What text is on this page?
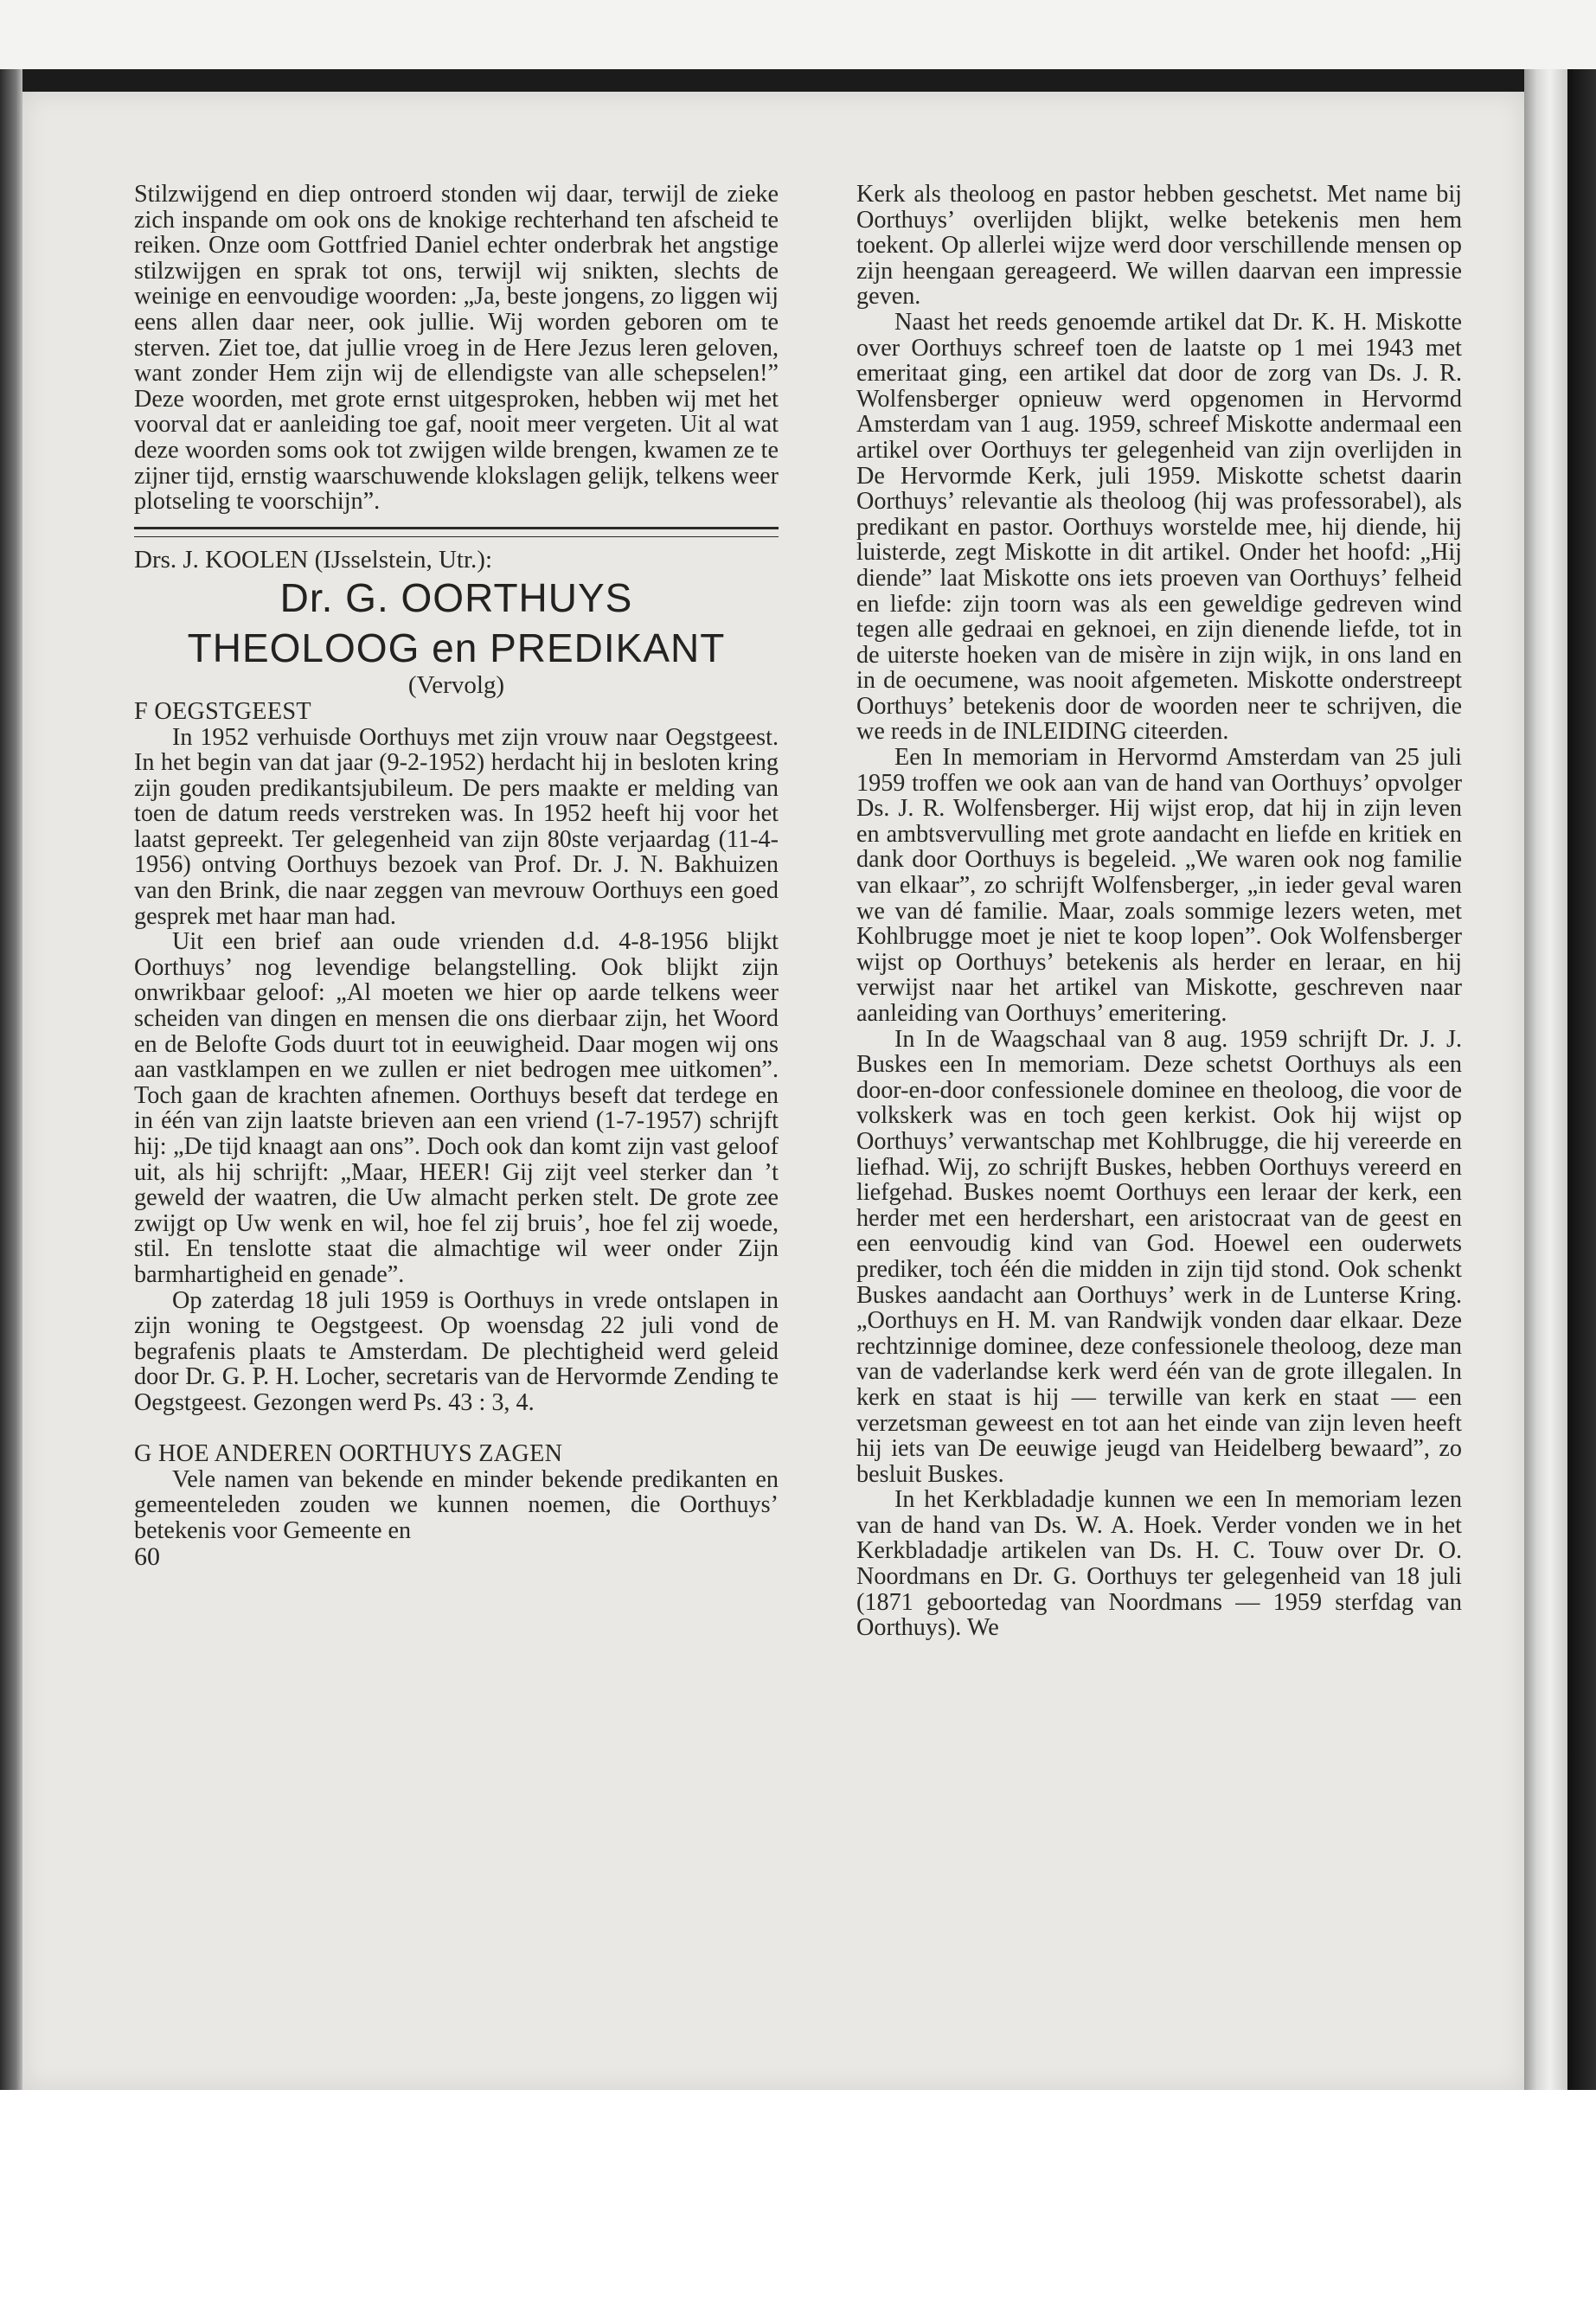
Stilzwijgend en diep ontroerd stonden wij daar, terwijl de zieke zich inspande om ook ons de knokige rechterhand ten afscheid te reiken. Onze oom Gottfried Daniel echter onderbrak het angstige stilzwijgen en sprak tot ons, terwijl wij snikten, slechts de weinige en eenvoudige woorden: „Ja, beste jongens, zo liggen wij eens allen daar neer, ook jullie. Wij worden geboren om te sterven. Ziet toe, dat jullie vroeg in de Here Jezus leren geloven, want zonder Hem zijn wij de ellendigste van alle schepselen!” Deze woorden, met grote ernst uitgesproken, hebben wij met het voorval dat er aanleiding toe gaf, nooit meer vergeten. Uit al wat deze woorden soms ook tot zwijgen wilde brengen, kwamen ze te zijner tijd, ernstig waarschuwende klokslagen gelijk, telkens weer plotseling te voorschijn”.

Drs. J. KOOLEN (IJsselstein, Utr.):

Dr. G. OORTHUYS

THEOLOOG en PREDIKANT

(Vervolg)

F OEGSTGEEST

In 1952 verhuisde Oorthuys met zijn vrouw naar Oegstgeest. In het begin van dat jaar (9-2-1952) herdacht hij in besloten kring zijn gouden predikantsjubileum. De pers maakte er melding van toen de datum reeds verstreken was. In 1952 heeft hij voor het laatst gepreekt. Ter gelegenheid van zijn 80ste verjaardag (11-4-1956) ontving Oorthuys bezoek van Prof. Dr. J. N. Bakhuizen van den Brink, die naar zeggen van mevrouw Oorthuys een goed gesprek met haar man had.

Uit een brief aan oude vrienden d.d. 4-8-1956 blijkt Oorthuys’ nog levendige belangstelling. Ook blijkt zijn onwrikbaar geloof: „Al moeten we hier op aarde telkens weer scheiden van dingen en mensen die ons dierbaar zijn, het Woord en de Belofte Gods duurt tot in eeuwigheid. Daar mogen wij ons aan vastklampen en we zullen er niet bedrogen mee uitkomen”. Toch gaan de krachten afnemen. Oorthuys beseft dat terdege en in één van zijn laatste brieven aan een vriend (1-7-1957) schrijft hij: „De tijd knaagt aan ons”. Doch ook dan komt zijn vast geloof uit, als hij schrijft: „Maar, HEER! Gij zijt veel sterker dan ’t geweld der waatren, die Uw almacht perken stelt. De grote zee zwijgt op Uw wenk en wil, hoe fel zij bruis’, hoe fel zij woede, stil. En tenslotte staat die almachtige wil weer onder Zijn barmhartigheid en genade”.

Op zaterdag 18 juli 1959 is Oorthuys in vrede ontslapen in zijn woning te Oegstgeest. Op woensdag 22 juli vond de begrafenis plaats te Amsterdam. De plechtigheid werd geleid door Dr. G. P. H. Locher, secretaris van de Hervormde Zending te Oegstgeest. Gezongen werd Ps. 43 : 3, 4.

G HOE ANDEREN OORTHUYS ZAGEN

Vele namen van bekende en minder bekende predikanten en gemeenteleden zouden we kunnen noemen, die Oorthuys’ betekenis voor Gemeente en

60

Kerk als theoloog en pastor hebben geschetst. Met name bij Oorthuys’ overlijden blijkt, welke betekenis men hem toekent. Op allerlei wijze werd door verschillende mensen op zijn heengaan gereageerd. We willen daarvan een impressie geven.

Naast het reeds genoemde artikel dat Dr. K. H. Miskotte over Oorthuys schreef toen de laatste op 1 mei 1943 met emeritaat ging, een artikel dat door de zorg van Ds. J. R. Wolfensberger opnieuw werd opgenomen in Hervormd Amsterdam van 1 aug. 1959, schreef Miskotte andermaal een artikel over Oorthuys ter gelegenheid van zijn overlijden in De Hervormde Kerk, juli 1959. Miskotte schetst daarin Oorthuys’ relevantie als theoloog (hij was professorabel), als predikant en pastor. Oorthuys worstelde mee, hij diende, hij luisterde, zegt Miskotte in dit artikel. Onder het hoofd: „Hij diende” laat Miskotte ons iets proeven van Oorthuys’ felheid en liefde: zijn toorn was als een geweldige gedreven wind tegen alle gedraai en geknoei, en zijn dienende liefde, tot in de uiterste hoeken van de misère in zijn wijk, in ons land en in de oecumene, was nooit afgemeten. Miskotte onderstreept Oorthuys’ betekenis door de woorden neer te schrijven, die we reeds in de INLEIDING citeerden.

Een In memoriam in Hervormd Amsterdam van 25 juli 1959 troffen we ook aan van de hand van Oorthuys’ opvolger Ds. J. R. Wolfensberger. Hij wijst erop, dat hij in zijn leven en ambtsvervulling met grote aandacht en liefde en kritiek en dank door Oorthuys is begeleid. „We waren ook nog familie van elkaar”, zo schrijft Wolfensberger, „in ieder geval waren we van dé familie. Maar, zoals sommige lezers weten, met Kohlbrugge moet je niet te koop lopen”. Ook Wolfensberger wijst op Oorthuys’ betekenis als herder en leraar, en hij verwijst naar het artikel van Miskotte, geschreven naar aanleiding van Oorthuys’ emeritering.

In In de Waagschaal van 8 aug. 1959 schrijft Dr. J. J. Buskes een In memoriam. Deze schetst Oorthuys als een door-en-door confessionele dominee en theoloog, die voor de volkskerk was en toch geen kerkist. Ook hij wijst op Oorthuys’ verwantschap met Kohlbrugge, die hij vereerde en liefhad. Wij, zo schrijft Buskes, hebben Oorthuys vereerd en liefgehad. Buskes noemt Oorthuys een leraar der kerk, een herder met een herdershart, een aristocraat van de geest en een eenvoudig kind van God. Hoewel een ouderwets prediker, toch één die midden in zijn tijd stond. Ook schenkt Buskes aandacht aan Oorthuys’ werk in de Lunterse Kring. „Oorthuys en H. M. van Randwijk vonden daar elkaar. Deze rechtzinnige dominee, deze confessionele theoloog, deze man van de vaderlandse kerk werd één van de grote illegalen. In kerk en staat is hij — terwille van kerk en staat — een verzetsman geweest en tot aan het einde van zijn leven heeft hij iets van De eeuwige jeugd van Heidelberg bewaard”, zo besluit Buskes.

In het Kerkbladadje kunnen we een In memoriam lezen van de hand van Ds. W. A. Hoek. Verder vonden we in het Kerkbladadje artikelen van Ds. H. C. Touw over Dr. O. Noordmans en Dr. G. Oorthuys ter gelegenheid van 18 juli (1871 geboortedag van Noordmans — 1959 sterfdag van Oorthuys). We
